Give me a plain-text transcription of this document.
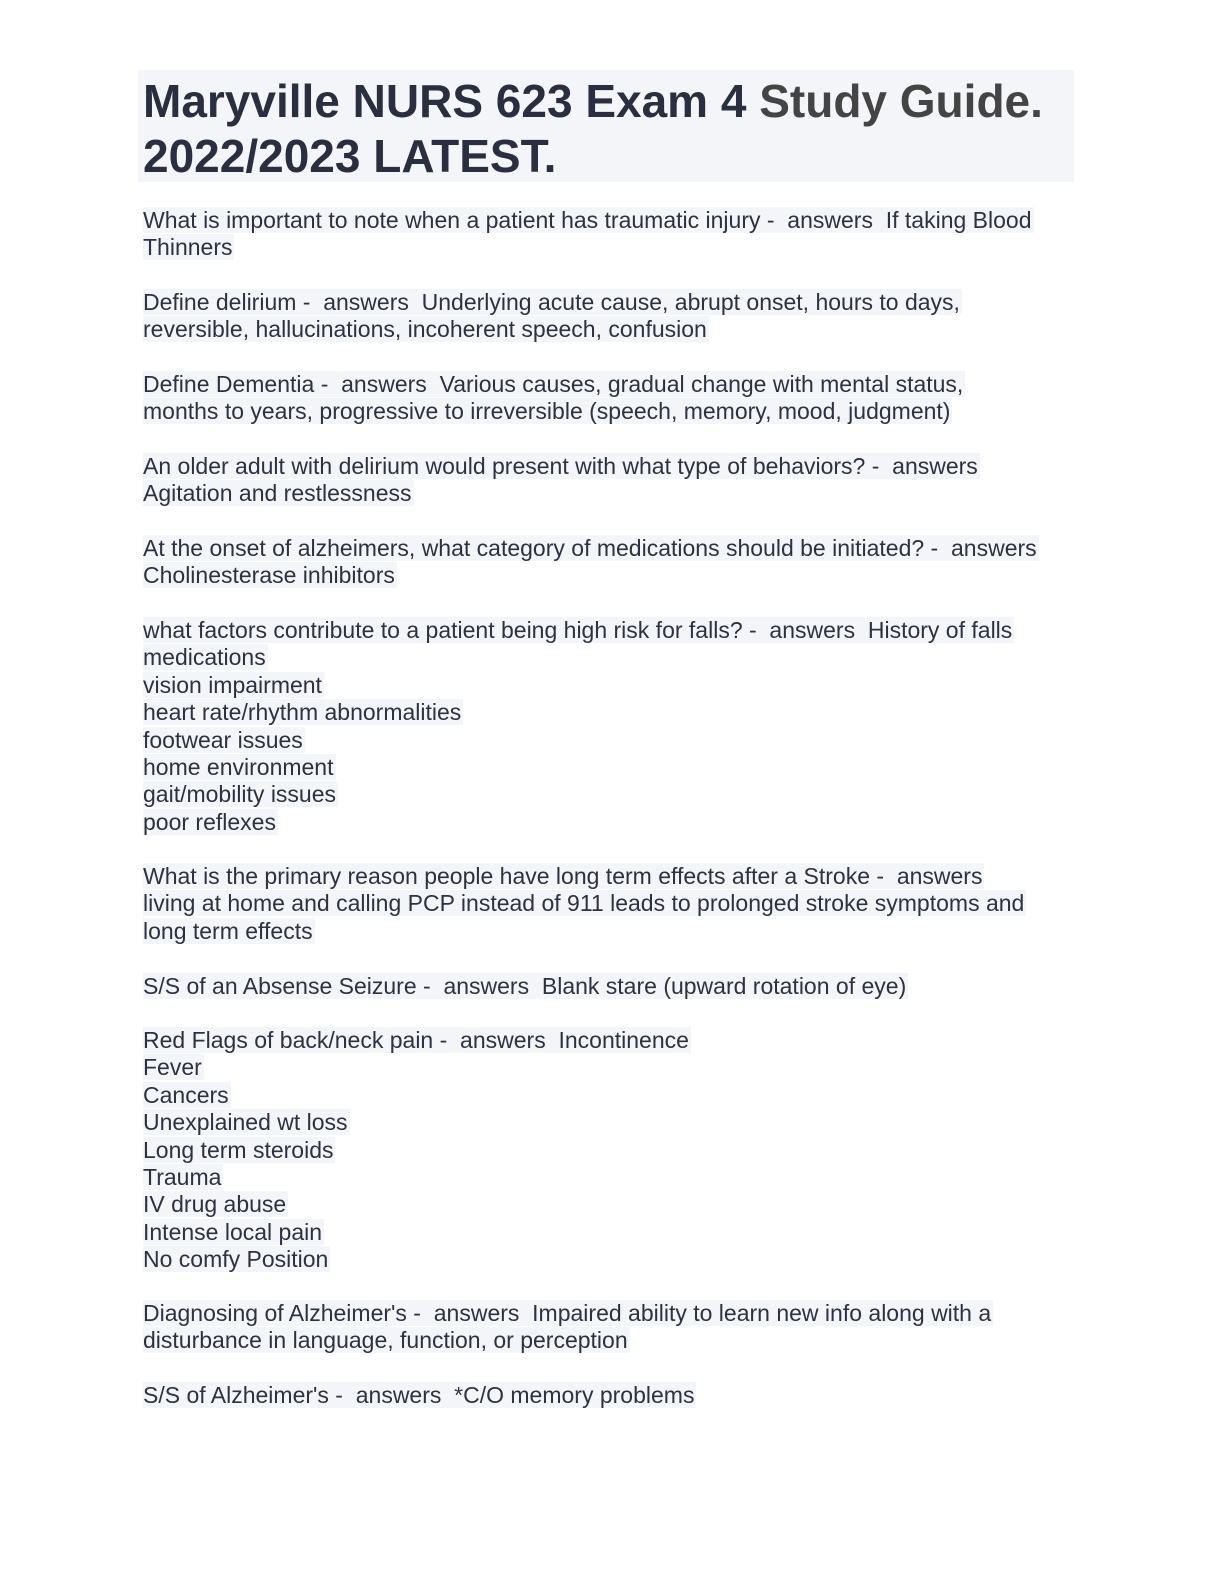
Maryville NURS 623 Exam 4 Study Guide.
2022/2023 LATEST.
What is important to note when a patient has traumatic injury -  answers  If taking Blood
Thinners
Define delirium -  answers  Underlying acute cause, abrupt onset, hours to days,
reversible, hallucinations, incoherent speech, confusion
Define Dementia -  answers  Various causes, gradual change with mental status,
months to years, progressive to irreversible (speech, memory, mood, judgment)
An older adult with delirium would present with what type of behaviors? -  answers
Agitation and restlessness
At the onset of alzheimers, what category of medications should be initiated? -  answers
Cholinesterase inhibitors
what factors contribute to a patient being high risk for falls? -  answers  History of falls
medications
vision impairment
heart rate/rhythm abnormalities
footwear issues
home environment
gait/mobility issues
poor reflexes
What is the primary reason people have long term effects after a Stroke -  answers
living at home and calling PCP instead of 911 leads to prolonged stroke symptoms and
long term effects
S/S of an Absense Seizure -  answers  Blank stare (upward rotation of eye)
Red Flags of back/neck pain -  answers  Incontinence
Fever
Cancers
Unexplained wt loss
Long term steroids
Trauma
IV drug abuse
Intense local pain
No comfy Position
Diagnosing of Alzheimer's -  answers  Impaired ability to learn new info along with a
disturbance in language, function, or perception
S/S of Alzheimer's -  answers  *C/O memory problems
